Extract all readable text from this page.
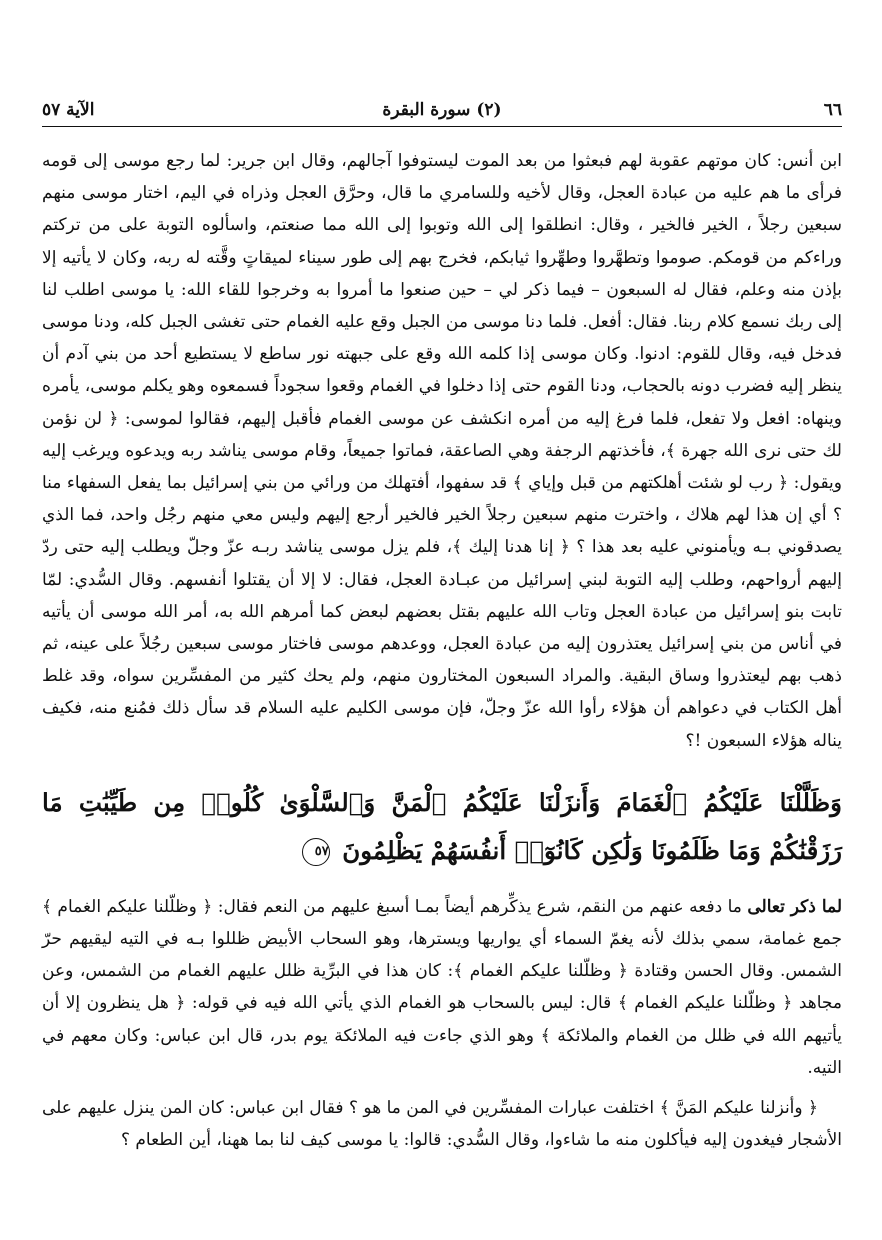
٦٦
(٢) سورة البقرة
الآية ٥٧

ابن أنس: كان موتهم عقوبة لهم فبعثوا من بعد الموت ليستوفوا آجالهم، وقال ابن جرير: لما رجع موسى إلى قومه فرأى ما هم عليه من عبادة العجل، وقال لأخيه وللسامري ما قال، وحرَّق العجل وذراه في اليم، اختار موسى منهم سبعين رجلاً ، الخير فالخير ، وقال: انطلقوا إلى الله وتوبوا إلى الله مما صنعتم، واسألوه التوبة على من تركتم وراءكم من قومكم. صوموا وتطهَّروا وطهِّروا ثيابكم، فخرج بهم إلى طور سيناء لميقاتٍ وقَّته له ربه، وكان لا يأتيه إلا بإذن منه وعلم، فقال له السبعون – فيما ذكر لي – حين صنعوا ما أمروا به وخرجوا للقاء الله: يا موسى اطلب لنا إلى ربك نسمع كلام ربنا. فقال: أفعل. فلما دنا موسى من الجبل وقع عليه الغمام حتى تغشى الجبل كله، ودنا موسى فدخل فيه، وقال للقوم: ادنوا. وكان موسى إذا كلمه الله وقع على جبهته نور ساطع لا يستطيع أحد من بني آدم أن ينظر إليه فضرب دونه بالحجاب، ودنا القوم حتى إذا دخلوا في الغمام وقعوا سجوداً فسمعوه وهو يكلم موسى، يأمره وينهاه: افعل ولا تفعل، فلما فرغ إليه من أمره انكشف عن موسى الغمام فأقبل إليهم، فقالوا لموسى: ﴿ لن نؤمن لك حتى نرى الله جهرة ﴾، فأخذتهم الرجفة وهي الصاعقة، فماتوا جميعاً، وقام موسى يناشد ربه ويدعوه ويرغب إليه ويقول: ﴿ رب لو شئت أهلكتهم من قبل وإياي ﴾ قد سفهوا، أفتهلك من ورائي من بني إسرائيل بما يفعل السفهاء منا ؟ أي إن هذا لهم هلاك ، واخترت منهم سبعين رجلاً الخير فالخير أرجع إليهم وليس معي منهم رجُل واحد، فما الذي يصدقوني بـه ويأمنوني عليه بعد هذا ؟ ﴿ إنا هدنا إليك ﴾، فلم يزل موسى يناشد ربـه عزّ وجلّ ويطلب إليه حتى ردّ إليهم أرواحهم، وطلب إليه التوبة لبني إسرائيل من عبـادة العجل، فقال: لا إلا أن يقتلوا أنفسهم. وقال السُّدي: لمّا تابت بنو إسرائيل من عبادة العجل وتاب الله عليهم بقتل بعضهم لبعض كما أمرهم الله به، أمر الله موسى أن يأتيه في أناس من بني إسرائيل يعتذرون إليه من عبادة العجل، ووعدهم موسى فاختار موسى سبعين رجُلاً على عينه، ثم ذهب بهم ليعتذروا وساق البقية. والمراد السبعون المختارون منهم، ولم يحك كثير من المفسِّرين سواه، وقد غلط أهل الكتاب في دعواهم أن هؤلاء رأوا الله عزّ وجلّ، فإن موسى الكليم عليه السلام قد سأل ذلك فمُنع منه، فكيف يناله هؤلاء السبعون !؟

وَظَلَّلْنَا عَلَيْكُمُ ٱلْغَمَامَ وَأَنزَلْنَا عَلَيْكُمُ ٱلْمَنَّ وَٱلسَّلْوَىٰ كُلُوا۟ مِن طَيِّبَٰتِ مَا رَزَقْنَٰكُمْ وَمَا ظَلَمُونَا وَلَٰكِن كَانُوٓا۟ أَنفُسَهُمْ يَظْلِمُونَ ٥٧

لما ذكر تعالى ما دفعه عنهم من النقم، شرع يذكِّرهم أيضاً بمـا أسبغ عليهم من النعم فقال: ﴿ وظلّلنا عليكم الغمام ﴾ جمع غمامة، سمي بذلك لأنه يغمّ السماء أي يواريها ويسترها، وهو السحاب الأبيض ظللوا بـه في التيه ليقيهم حرّ الشمس. وقال الحسن وقتادة ﴿ وظلّلنا عليكم الغمام ﴾: كان هذا في البرِّية ظلل عليهم الغمام من الشمس، وعن مجاهد ﴿ وظلّلنا عليكم الغمام ﴾ قال: ليس بالسحاب هو الغمام الذي يأتي الله فيه في قوله: ﴿ هل ينظرون إلا أن يأتيهم الله في ظلل من الغمام والملائكة ﴾ وهو الذي جاءت فيه الملائكة يوم بدر، قال ابن عباس: وكان معهم في التيه.

﴿ وأنزلنا عليكم المَنَّ ﴾ اختلفت عبارات المفسِّرين في المن ما هو ؟ فقال ابن عباس: كان المن ينزل عليهم على الأشجار فيغدون إليه فيأكلون منه ما شاءوا، وقال السُّدي: قالوا: يا موسى كيف لنا بما ههنا، أين الطعام ؟
